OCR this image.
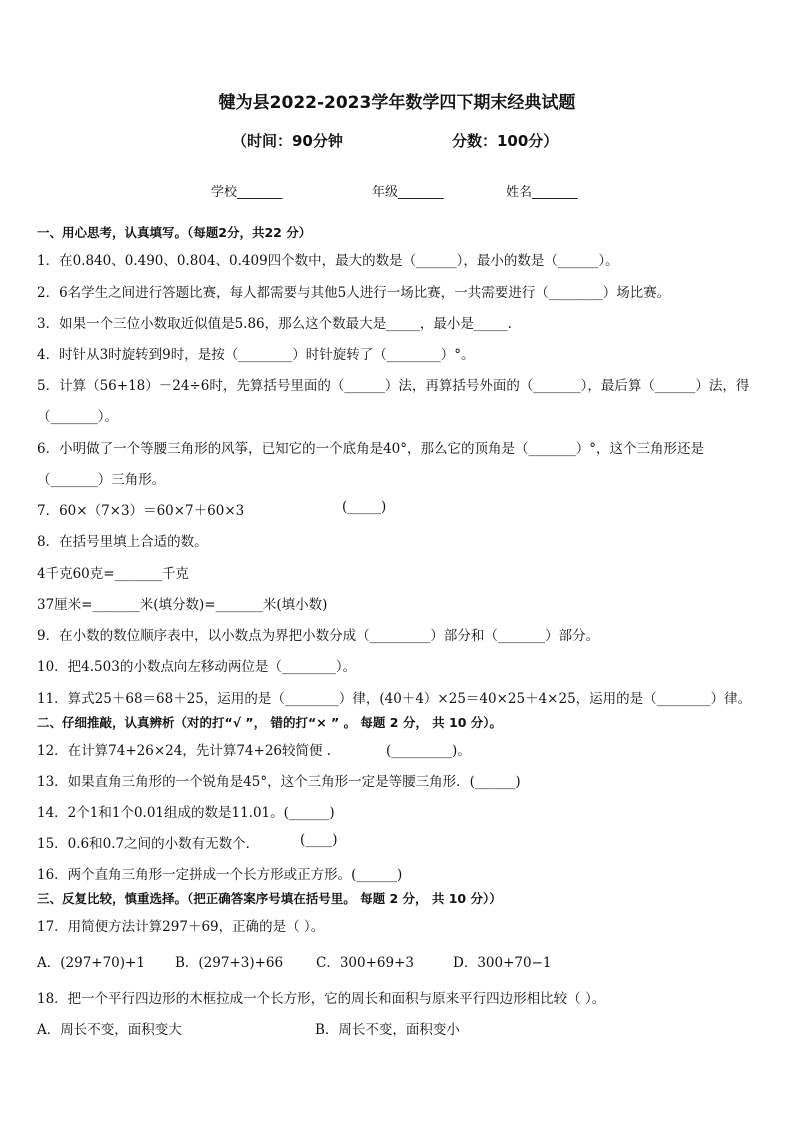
犍为县2022-2023学年数学四下期末经典试题
（时间：90分钟	分数：100分）
学校_______	年级_______	姓名_______
一、用心思考，认真填写。（每题2分，共22 分）
1．在0.840、0.490、0.804、0.409四个数中，最大的数是（______），最小的数是（______）。
2．6名学生之间进行答题比赛，每人都需要与其他5人进行一场比赛，一共需要进行（________）场比赛。
3．如果一个三位小数取近似值是5.86，那么这个数最大是_____，最小是_____.
4．时针从3时旋转到9时，是按（________）时针旋转了（________）°。
5．计算（56+18）－24÷6时，先算括号里面的（______）法，再算括号外面的（_______），最后算（______）法，得
（_______）。
6．小明做了一个等腰三角形的风筝，已知它的一个底角是40°，那么它的顶角是（_______）°，这个三角形还是
（_______）三角形。
7．60×（7×3）＝60×7＋60×3	(_____)
8．在括号里填上合适的数。
4千克60克=_______千克
37厘米=_______米(填分数)=_______米(填小数)
9．在小数的数位顺序表中，以小数点为界把小数分成（_________）部分和（_______）部分。
10．把4.503的小数点向左移动两位是（________）。
11．算式25＋68＝68＋25，运用的是（________）律，(40＋4）×25＝40×25＋4×25，运用的是（________）律。
二、仔细推敲，认真辨析（对的打“√ ”， 错的打“× ” 。 每题 2 分， 共 10 分）。
12．在计算74+26×24，先计算74+26较简便 .	(_________)。
13．如果直角三角形的一个锐角是45°，这个三角形一定是等腰三角形．(______)
14．2个1和1个0.01组成的数是11.01。(______)
15．0.6和0.7之间的小数有无数个．	(____)
16．两个直角三角形一定拼成一个长方形或正方形。(______)
三、反复比较，慎重选择。（把正确答案序号填在括号里。 每题 2 分， 共 10 分））
17．用简便方法计算297＋69，正确的是（ ）。
A．(297+70)+1 B．(297+3)+66 C．300+69+3	D．300+70−1
18．把一个平行四边形的木框拉成一个长方形，它的周长和面积与原来平行四边形相比较（ ）。
A．周长不变，面积变大	B．周长不变，面积变小
